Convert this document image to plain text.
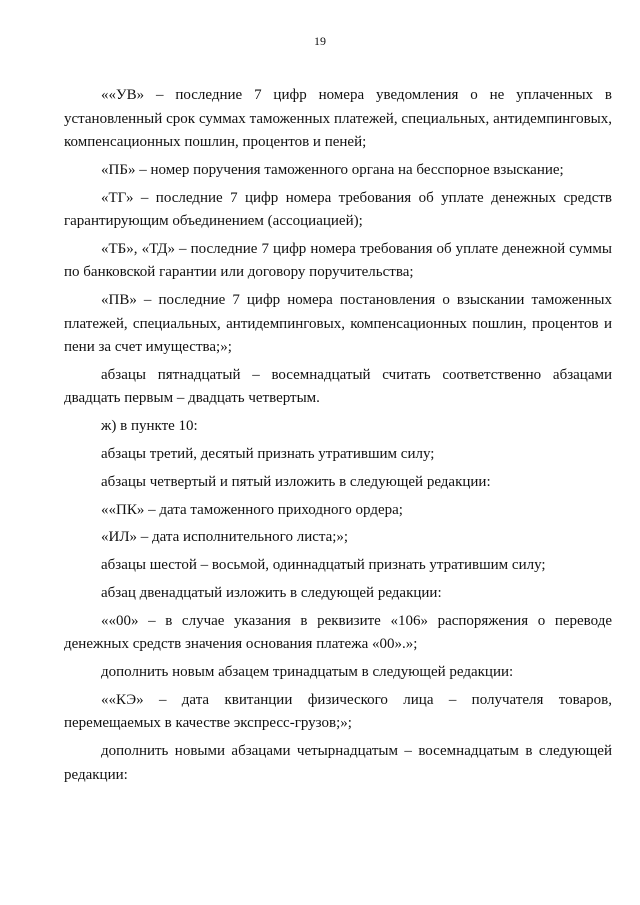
19

««УВ» – последние 7 цифр номера уведомления о не уплаченных в установленный срок суммах таможенных платежей, специальных, антидемпинговых, компенсационных пошлин, процентов и пеней;

«ПБ» – номер поручения таможенного органа на бесспорное взыскание;

«ТГ» – последние 7 цифр номера требования об уплате денежных средств гарантирующим объединением (ассоциацией);

«ТБ», «ТД» – последние 7 цифр номера требования об уплате денежной суммы по банковской гарантии или договору поручительства;

«ПВ» – последние 7 цифр номера постановления о взыскании таможенных платежей, специальных, антидемпинговых, компенсационных пошлин, процентов и пени за счет имущества;»;

абзацы пятнадцатый – восемнадцатый считать соответственно абзацами двадцать первым – двадцать четвертым.

ж) в пункте 10:

абзацы третий, десятый признать утратившим силу;

абзацы четвертый и пятый изложить в следующей редакции:

««ПК» – дата таможенного приходного ордера;

«ИЛ» – дата исполнительного листа;»;

абзацы шестой – восьмой, одиннадцатый признать утратившим силу;

абзац двенадцатый изложить в следующей редакции:

««00» – в случае указания в реквизите «106» распоряжения о переводе денежных средств значения основания платежа «00».»;

дополнить новым абзацем тринадцатым в следующей редакции:

««КЭ» – дата квитанции физического лица – получателя товаров, перемещаемых в качестве экспресс-грузов;»;

дополнить новыми абзацами четырнадцатым – восемнадцатым в следующей редакции:
